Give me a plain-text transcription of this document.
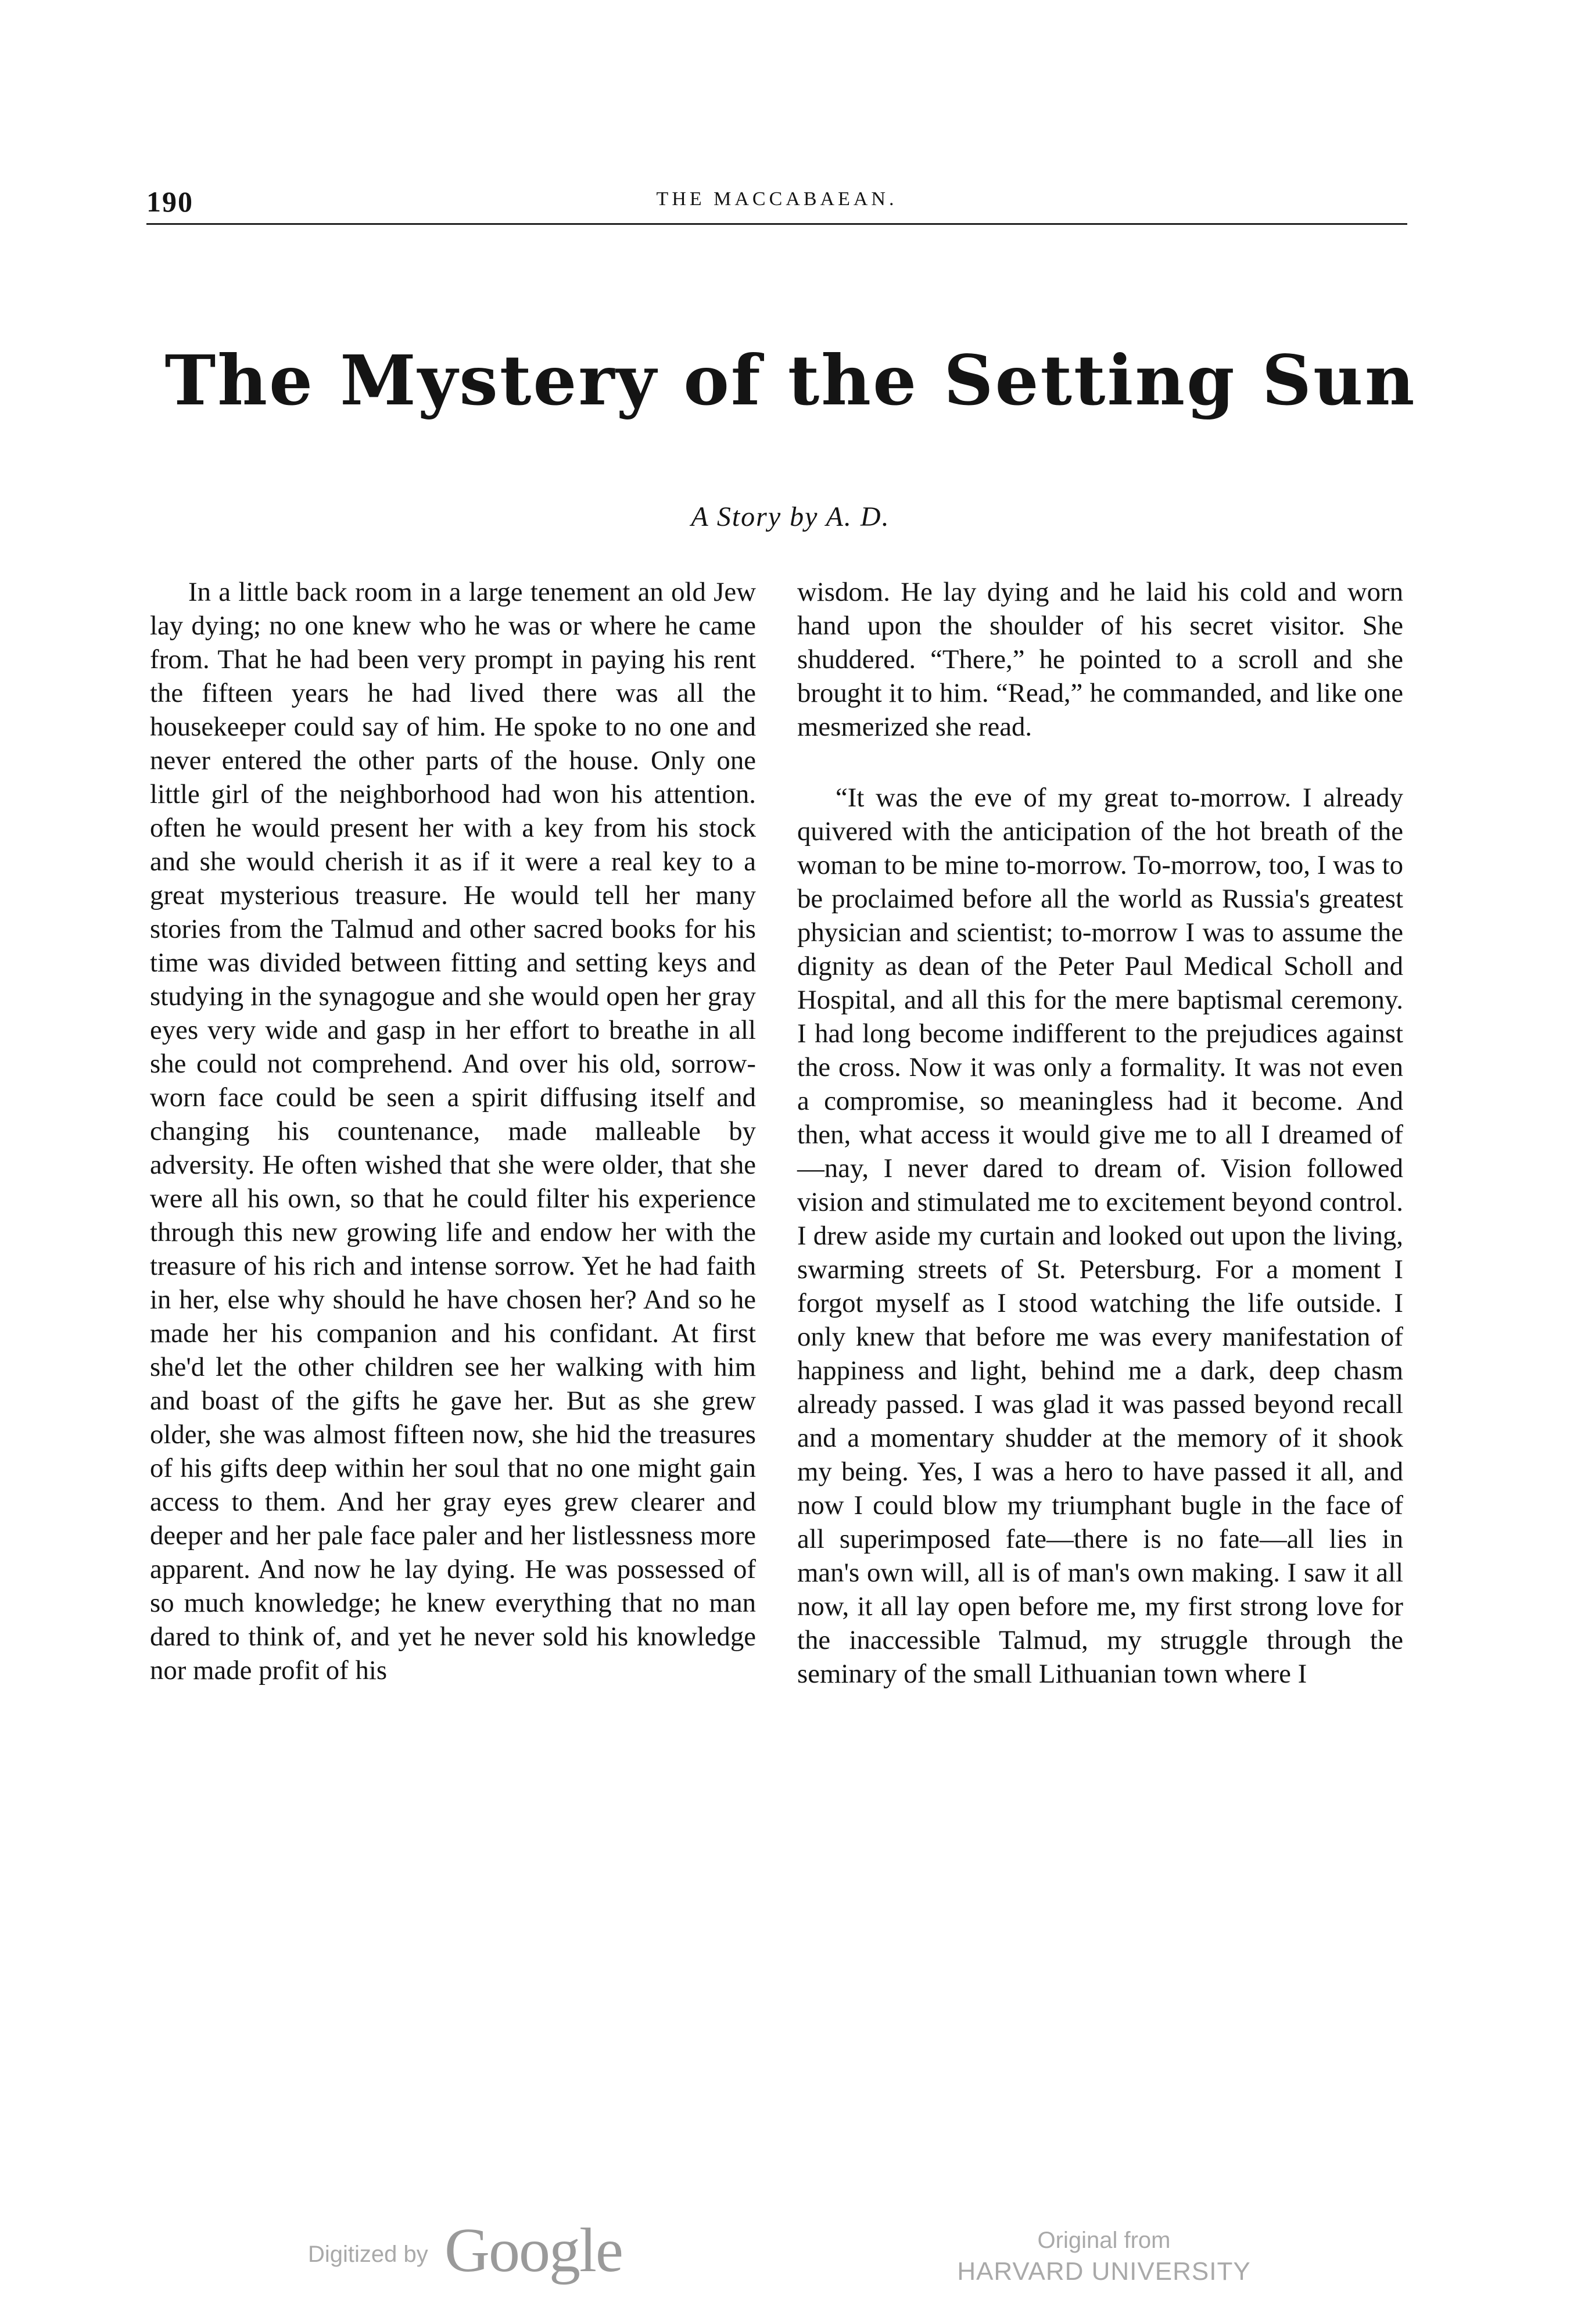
190	THE MACCABAEAN.
The Mystery of the Setting Sun
A Story by A. D.

In a little back room in a large tenement an old Jew lay dying; no one knew who he was or where he came from. That he had been very prompt in paying his rent the fifteen years he had lived there was all the housekeeper could say of him. He spoke to no one and never entered the other parts of the house. Only one little girl of the neighborhood had won his attention. often he would present her with a key from his stock and she would cherish it as if it were a real key to a great mysterious treasure. He would tell her many stories from the Talmud and other sacred books for his time was divided between fitting and setting keys and studying in the synagogue and she would open her gray eyes very wide and gasp in her effort to breathe in all she could not comprehend. And over his old, sorrow-worn face could be seen a spirit diffusing itself and changing his countenance, made malleable by adversity. He often wished that she were older, that she were all his own, so that he could filter his experience through this new growing life and endow her with the treasure of his rich and intense sorrow. Yet he had faith in her, else why should he have chosen her? And so he made her his companion and his confidant. At first she'd let the other children see her walking with him and boast of the gifts he gave her. But as she grew older, she was almost fifteen now, she hid the treasures of his gifts deep within her soul that no one might gain access to them. And her gray eyes grew clearer and deeper and her pale face paler and her listlessness more apparent. And now he lay dying. He was possessed of so much knowledge; he knew everything that no man dared to think of, and yet he never sold his knowledge nor made profit of his

wisdom. He lay dying and he laid his cold and worn hand upon the shoulder of his secret visitor. She shuddered. “There,” he pointed to a scroll and she brought it to him. “Read,” he commanded, and like one mesmerized she read.

“It was the eve of my great to-morrow. I already quivered with the anticipation of the hot breath of the woman to be mine to-morrow. To-morrow, too, I was to be proclaimed before all the world as Russia's greatest physician and scientist; to-morrow I was to assume the dignity as dean of the Peter Paul Medical Scholl and Hospital, and all this for the mere baptismal ceremony. I had long become indifferent to the prejudices against the cross. Now it was only a formality. It was not even a compromise, so meaningless had it become. And then, what access it would give me to all I dreamed of—nay, I never dared to dream of. Vision followed vision and stimulated me to excitement beyond control. I drew aside my curtain and looked out upon the living, swarming streets of St. Petersburg. For a moment I forgot myself as I stood watching the life outside. I only knew that before me was every manifestation of happiness and light, behind me a dark, deep chasm already passed. I was glad it was passed beyond recall and a momentary shudder at the memory of it shook my being. Yes, I was a hero to have passed it all, and now I could blow my triumphant bugle in the face of all superimposed fate—there is no fate—all lies in man's own will, all is of man's own making. I saw it all now, it all lay open before me, my first strong love for the inaccessible Talmud, my struggle through the seminary of the small Lithuanian town where I

Digitized by Google	Original from
HARVARD UNIVERSITY
